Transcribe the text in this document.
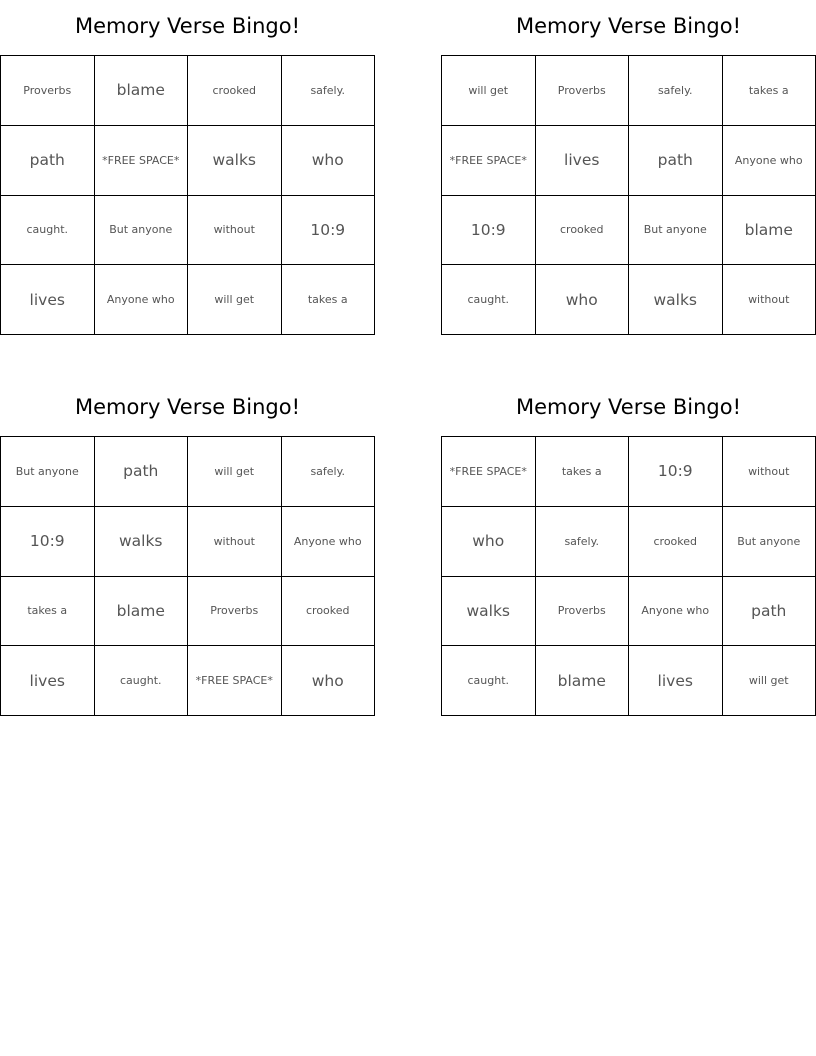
Memory Verse Bingo!
Proverbs	blame	crooked	safely.
path	*FREE SPACE*	walks	who
caught.	But anyone	without	10:9
lives	Anyone who	will get	takes a
Memory Verse Bingo!
will get	Proverbs	safely.	takes a
*FREE SPACE*	lives	path	Anyone who
10:9	crooked	But anyone	blame
caught.	who	walks	without
Memory Verse Bingo!
But anyone	path	will get	safely.
10:9	walks	without	Anyone who
takes a	blame	Proverbs	crooked
lives	caught.	*FREE SPACE*	who
Memory Verse Bingo!
*FREE SPACE*	takes a	10:9	without
who	safely.	crooked	But anyone
walks	Proverbs	Anyone who	path
caught.	blame	lives	will get
